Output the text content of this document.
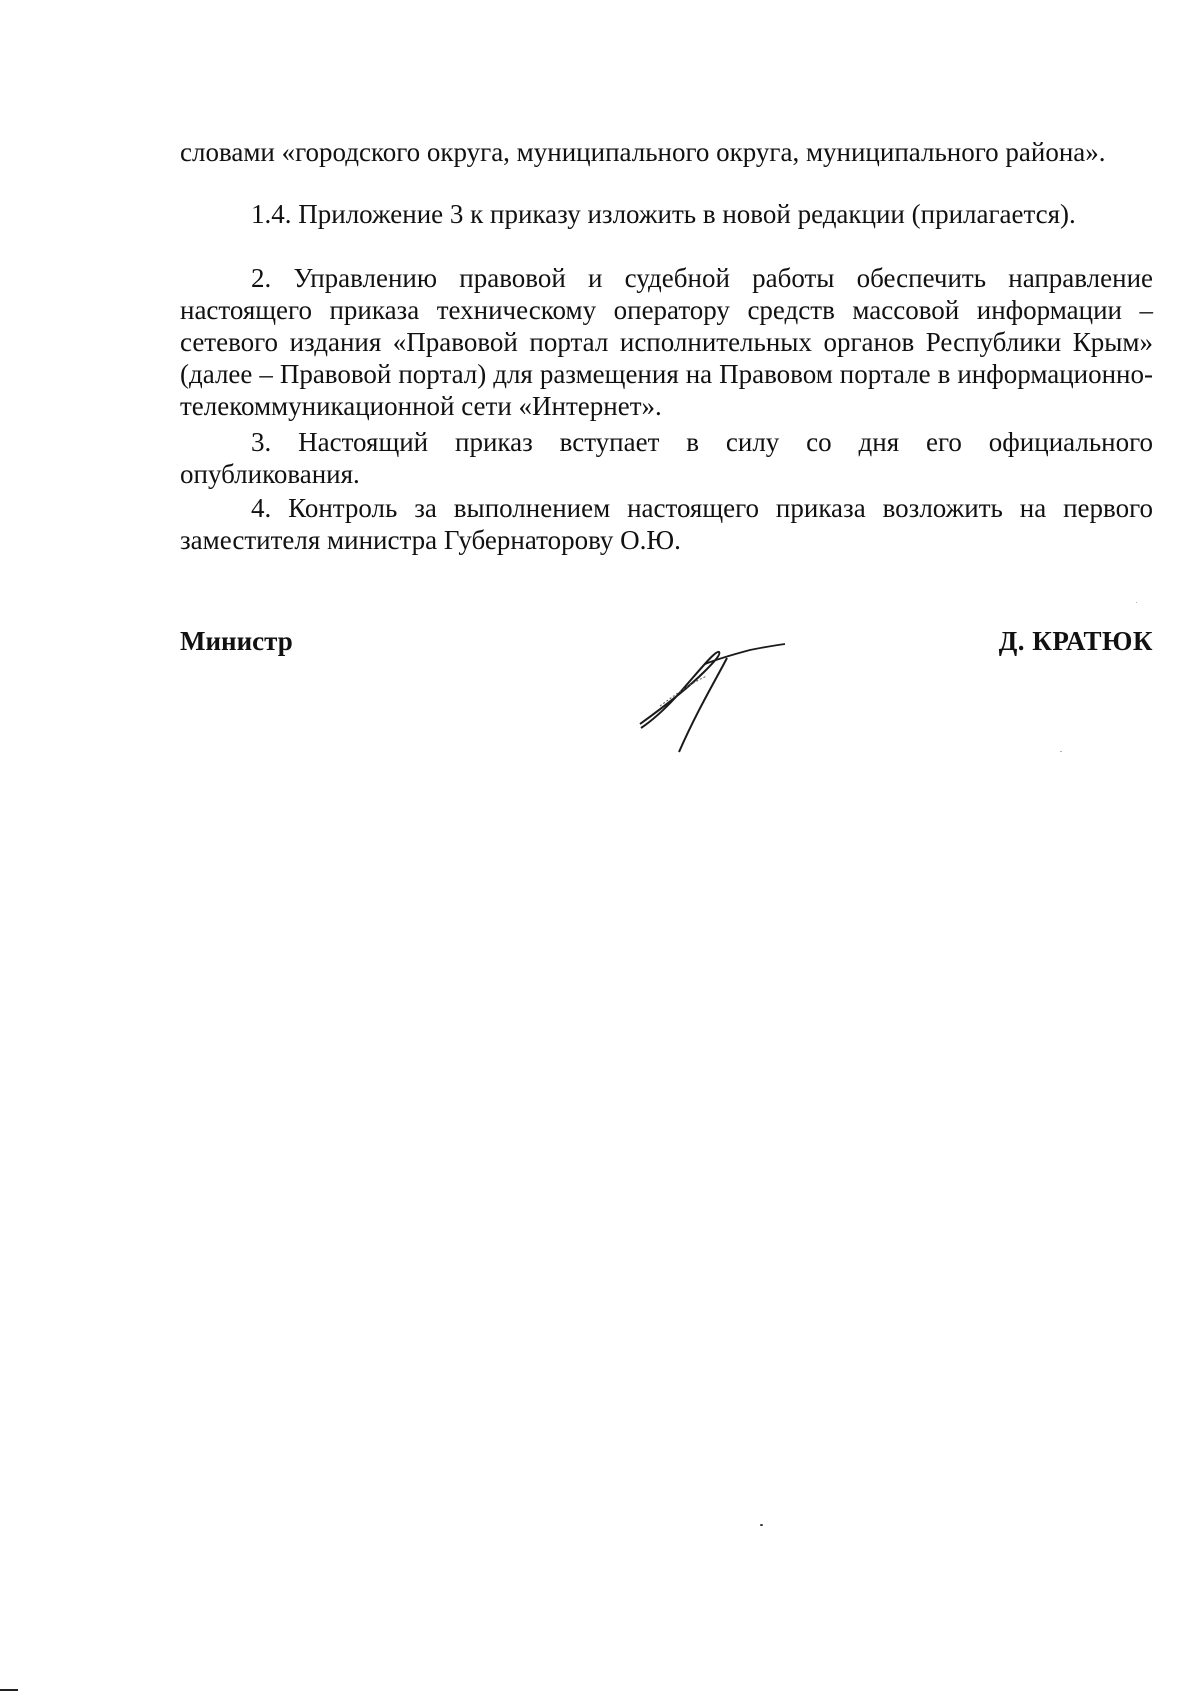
словами «городского округа, муниципального округа, муниципального района».

1.4. Приложение 3 к приказу изложить в новой редакции (прилагается).

2. Управлению правовой и судебной работы обеспечить направление настоящего приказа техническому оператору средств массовой информации – сетевого издания «Правовой портал исполнительных органов Республики Крым» (далее – Правовой портал) для размещения на Правовом портале в информационно-телекоммуникационной сети «Интернет».

3. Настоящий приказ вступает в силу со дня его официального опубликования.

4. Контроль за выполнением настоящего приказа возложить на первого заместителя министра Губернаторову О.Ю.

Министр	Д. КРАТЮК
